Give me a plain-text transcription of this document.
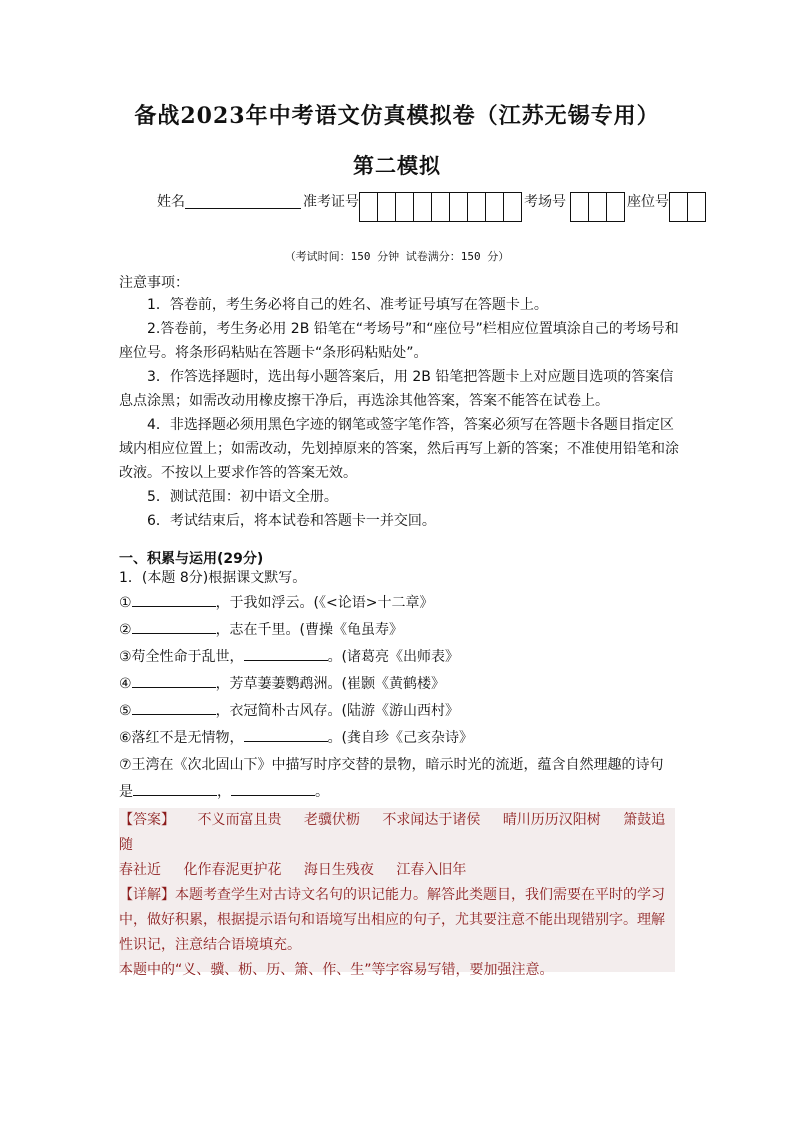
备战2023年中考语文仿真模拟卷（江苏无锡专用）
第二模拟
姓名	准考证号	考场号	座位号
（考试时间：150 分钟 试卷满分：150 分）
注意事项：

1．答卷前，考生务必将自己的姓名、准考证号填写在答题卡上。

2.答卷前，考生务必用 2B 铅笔在“考场号”和“座位号”栏相应位置填涂自己的考场号和座位号。将条形码粘贴在答题卡“条形码粘贴处”。

3．作答选择题时，选出每小题答案后，用 2B 铅笔把答题卡上对应题目选项的答案信息点涂黑；如需改动用橡皮擦干净后，再选涂其他答案，答案不能答在试卷上。

4．非选择题必须用黑色字迹的钢笔或签字笔作答，答案必须写在答题卡各题目指定区域内相应位置上；如需改动，先划掉原来的答案，然后再写上新的答案；不准使用铅笔和涂改液。不按以上要求作答的答案无效。

5．测试范围：初中语文全册。

6．考试结束后，将本试卷和答题卡一并交回。

一、积累与运用(29分)
1．(本题 8分)根据课文默写。

①	，于我如浮云。(《<论语>十二章》

②	，志在千里。(曹操《龟虽寿》

③苟全性命于乱世，	。(诸葛亮《出师表》

④	，芳草萋萋鹦鹉洲。(崔颢《黄鹤楼》

⑤	，衣冠简朴古风存。(陆游《游山西村》

⑥落红不是无情物，	。(龚自珍《己亥杂诗》

⑦王湾在《次北固山下》中描写时序交替的景物，暗示时光的流逝，蕴含自然理趣的诗句

是	，	。

【答案】 不义而富且贵 老骥伏枥 不求闻达于诸侯 晴川历历汉阳树 箫鼓追随

春社近 化作春泥更护花 海日生残夜 江春入旧年

【详解】本题考查学生对古诗文名句的识记能力。解答此类题目，我们需要在平时的学习中，做好积累，根据提示语句和语境写出相应的句子，尤其要注意不能出现错别字。理解性识记，注意结合语境填充。

本题中的“义、骥、枥、历、箫、作、生”等字容易写错，要加强注意。
